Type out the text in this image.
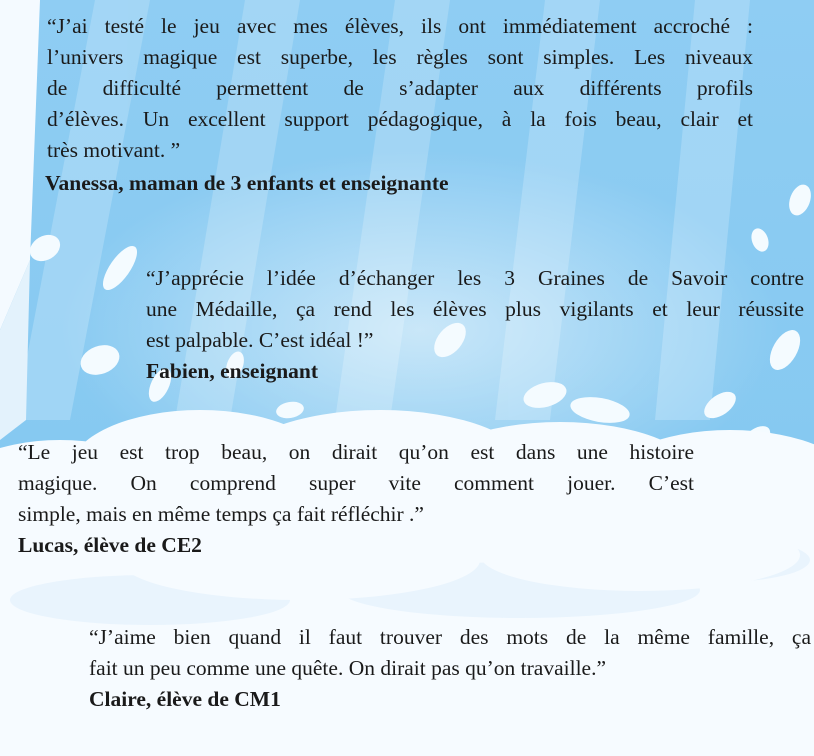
“J’ai testé le jeu avec mes élèves, ils ont immédiatement accroché :

l’univers magique est superbe, les règles sont simples. Les niveaux

de difficulté permettent de s’adapter aux différents profils

d’élèves. Un excellent support pédagogique, à la fois beau, clair et

très motivant. ”

Vanessa, maman de 3 enfants et enseignante

“J’apprécie l’idée d’échanger les 3 Graines de Savoir contre

une Médaille, ça rend les élèves plus vigilants et leur réussite

est palpable. C’est idéal !”

Fabien, enseignant

“Le jeu est trop beau, on dirait qu’on est dans une histoire

magique. On comprend super vite comment jouer. C’est

simple, mais en même temps ça fait réfléchir .”

Lucas, élève de CE2

“J’aime bien quand il faut trouver des mots de la même famille, ça

fait un peu comme une quête. On dirait pas qu’on travaille.”

Claire, élève de CM1
